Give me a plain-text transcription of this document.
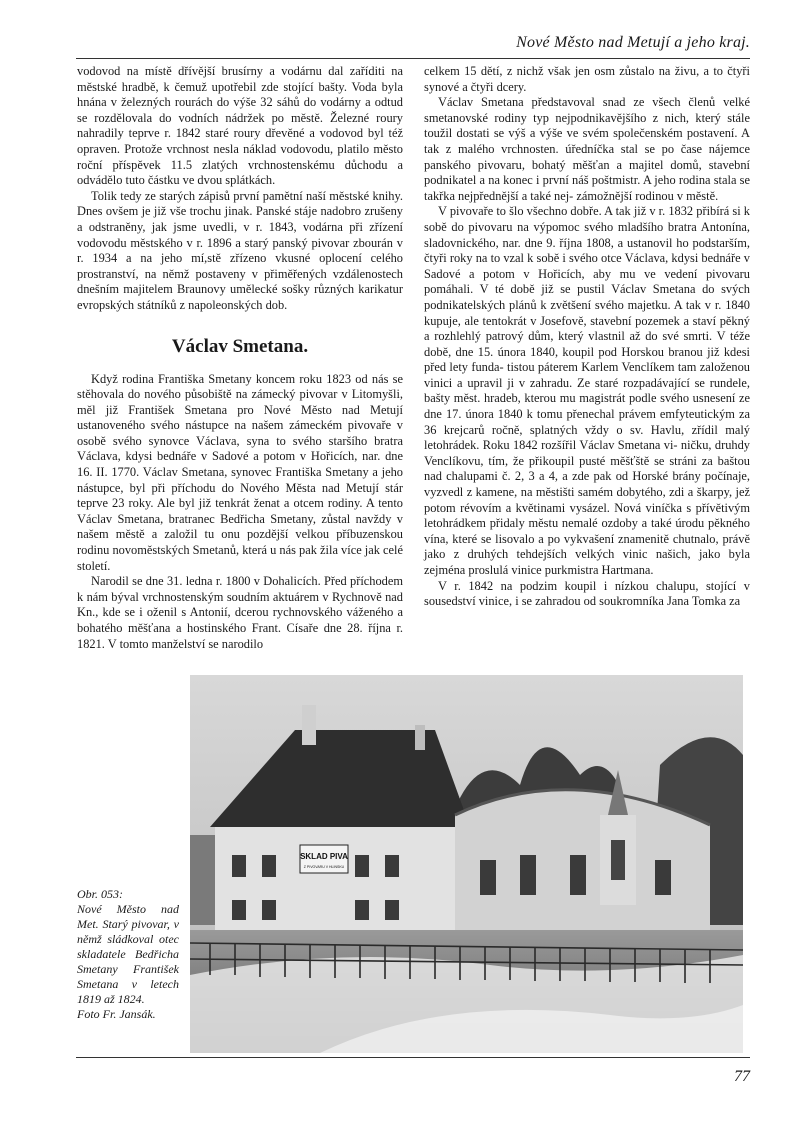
Nové Město nad Metují a jeho kraj.

vodovod na místě dřívější brusírny a vodárnu dal zaříditi na městské hradbě, k čemuž upotřebil zde stojící bašty. Voda byla hnána v železných rourách do výše 32 sáhů do vodárny a odtud se rozdělovala do vodních nádržek po městě. Železné roury nahradily teprve r. 1842 staré roury dřevěné a vodovod byl též opraven. Protože vrchnost nesla náklad vodovodu, platilo město roční příspěvek 11.5 zlatých vrchnostenskému důchodu a odvádělo tuto částku ve dvou splátkách.

Tolik tedy ze starých zápisů první pamětní naší městské knihy. Dnes ovšem je již vše trochu jinak. Panské stáje nadobro zrušeny a odstraněny, jak jsme uvedli, v r. 1843, vodárna při zřízení vodovodu městského v r. 1896 a starý panský pivovar zbourán v r. 1934 a na jeho mí,stě zřízeno vkusné oplocení celého prostranství, na němž postaveny v přiměřených vzdálenostech dnešním majitelem Braunovy umělecké sošky různých karikatur evropských státníků z napoleonských dob.

Václav Smetana.

Když rodina Františka Smetany koncem roku 1823 od nás se stěhovala do nového působiště na zámecký pivovar v Litomyšli, měl již František Smetana pro Nové Město nad Metují ustanoveného svého nástupce na našem zámeckém pivovaře v osobě svého synovce Václava, syna to svého staršího bratra Václava, kdysi bednáře v Sadové a potom v Hořicích, nar. dne 16. II. 1770. Václav Smetana, synovec Františka Smetany a jeho nástupce, byl při příchodu do Nového Města nad Metují stár teprve 23 roky. Ale byl již tenkrát ženat a otcem rodiny. A tento Václav Smetana, bratranec Bedřicha Smetany, zůstal navždy v našem městě a založil tu onu pozdější velkou příbuzenskou rodinu novoměstských Smetanů, která u nás pak žila více jak celé století.

Narodil se dne 31. ledna r. 1800 v Dohalicích. Před příchodem k nám býval vrchnostenským soudním aktuárem v Rychnově nad Kn., kde se i oženil s Antonií, dcerou rychnovského váženého a bohatého měšťana a hostinského Frant. Císaře dne 28. října r. 1821. V tomto manželství se narodilo

celkem 15 dětí, z nichž však jen osm zůstalo na živu, a to čtyři synové a čtyři dcery.

Václav Smetana představoval snad ze všech členů velké smetanovské rodiny typ nejpodnikavějšího z nich, který stále toužil dostati se výš a výše ve svém společenském postavení. A tak z malého vrchnosten. úředníčka stal se po čase nájemce panského pivovaru, bohatý měšťan a majitel domů, stavební podnikatel a na konec i první náš poštmistr. A jeho rodina stala se takřka nejpřednější a také nej- zámožnější rodinou v městě.

V pivovaře to šlo všechno dobře. A tak již v r. 1832 přibírá si k sobě do pivovaru na výpomoc svého mladšího bratra Antonína, sladovnického, nar. dne 9. října 1808, a ustanovil ho podstarším, čtyři roky na to vzal k sobě i svého otce Václava, kdysi bednáře v Sadové a potom v Hořicích, aby mu ve vedení pivovaru pomáhali. V té době již se pustil Václav Smetana do svých podnikatelských plánů k zvětšení svého majetku. A tak v r. 1840 kupuje, ale tentokrát v Josefově, stavební pozemek a staví pěkný a rozhlehlý patrový dům, který vlastnil až do své smrti. V téže době, dne 15. února 1840, koupil pod Horskou branou již kdesi před lety funda- tistou páterem Karlem Venclíkem tam založenou vinici a upravil ji v zahradu. Ze staré rozpadávající se rundele, bašty měst. hradeb, kterou mu magistrát podle svého usnesení ze dne 17. února 1840 k tomu přenechal právem emfyteutickým za 36 krejcarů ročně, splatných vždy o sv. Havlu, zřídil malý letohrádek. Roku 1842 rozšířil Václav Smetana vi- ničku, druhdy Venclíkovu, tím, že přikoupil pusté měšťště se stráni za baštou nad chalupami č. 2, 3 a 4, a zde pak od Horské brány počínaje, vyzvedl z kamene, na městišti samém dobytého, zdi a škarpy, jež potom révovím a květinami vysázel. Nová viníčka s přívětivým letohrádkem přidaly městu nemalé ozdoby a také úrodu pěkného vína, které se lisovalo a po vykvašení znamenitě chutnalo, právě jako z druhých tehdejších velkých vinic našich, jako byla zejména proslulá vinice purkmistra Hartmana.

V r. 1842 na podzim koupil i nízkou chalupu, stojící v sousedství vinice, i se zahradou od soukromníka Jana Tomka za

SKLAD PIVA
Z PIVOVARU V HLINSKU
Obr. 053:
Nové Město nad Met. Starý pivovar, v němž sládkoval otec skladatele Bedřicha Smetany František Smetana v letech 1819 až 1824.
Foto Fr. Jansák.
77
